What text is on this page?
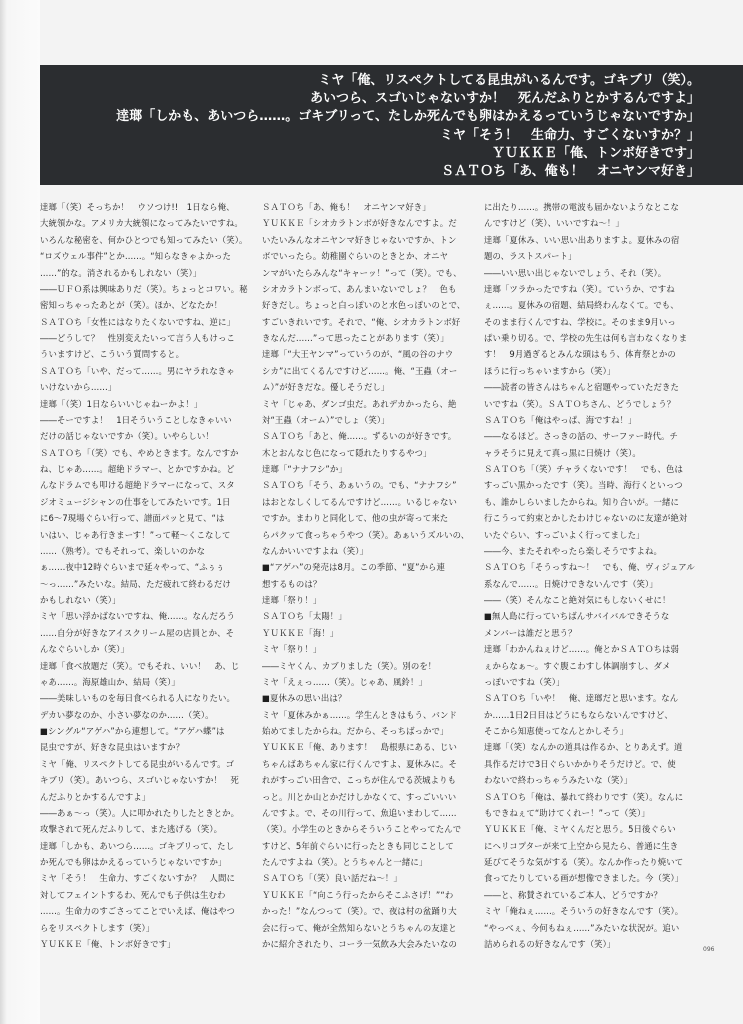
ミヤ「俺、リスペクトしてる昆虫がいるんです。ゴキブリ（笑）。
あいつら、スゴいじゃないすか！　死んだふりとかするんですよ」
逹瑯「しかも、あいつら……。ゴキブリって、たしか死んでも卵はかえるっていうじゃないですか」
ミヤ「そう！　生命力、すごくないすか？」
ＹＵＫＫＥ「俺、トンボ好きです」
ＳＡＴＯち「あ、俺も！　オニヤンマ好き」
逹瑯「（笑）そっちか！　ウソつけ!!　1日なら俺、
大統領かな。アメリカ大統領になってみたいですね。
いろんな秘密を、何かひとつでも知ってみたい（笑）。
“ロズウェル事件”とか……。“知らなきゃよかった
……”的な。消されるかもしれない（笑）」
――ＵＦＯ系は興味ありだ（笑）。ちょっとコワい。秘
密知っちゃったあとが（笑）。ほか、どなたか！
ＳＡＴＯち「女性にはなりたくないですね、逆に」
――どうして？　性別変えたいって言う人もけっこ
ういますけど、こういう質問すると。
ＳＡＴＯち「いや、だって……。男にヤラれなきゃ
いけないから……」
逹瑯「（笑）1日ならいいじゃねーかよ！」
――そーですよ！　1日そういうことしなきゃいい
だけの話じゃないですか（笑）。いやらしい！
ＳＡＴＯち「（笑）でも、やめときます。なんですか
ね、じゃあ……。超絶ドラマー、とかですかね。ど
んなドラムでも叩ける超絶ドラマーになって、スタ
ジオミュージシャンの仕事をしてみたいです。1日
に6～7現場ぐらい行って、譜面パッと見て、“は
いはい、じゃあ行きまーす！”って軽～くこなして
……（熟考）。でもそれって、楽しいのかな
ぁ……夜中12時ぐらいまで延々やって、“ふぅぅ
～っ……”みたいな。結局、ただ疲れて終わるだけ
かもしれない（笑）」
ミヤ「思い浮かばないですね、俺……。なんだろう
……自分が好きなアイスクリーム屋の店員とか、そ
んなぐらいしか（笑）」
逹瑯「食べ放題だ（笑）。でもそれ、いい！　あ、じ
ゃあ……。海原雄山か、結局（笑）」
――美味しいものを毎日食べられる人になりたい。
デカい夢なのか、小さい夢なのか……（笑）。
■シングル“アゲハ”から連想して。“アゲハ蝶”は
昆虫ですが、好きな昆虫はいますか？
ミヤ「俺、リスペクトしてる昆虫がいるんです。ゴ
キブリ（笑）。あいつら、スゴいじゃないすか！　死
んだふりとかするんですよ」
――あぁ～っ（笑）。人に叩かれたりしたときとか。
攻撃されて死んだふりして、また逃げる（笑）。
逹瑯「しかも、あいつら……。ゴキブリって、たし
か死んでも卵はかえるっていうじゃないですか」
ミヤ「そう！　生命力、すごくないすか？　人間に
対してフェイントするわ、死んでも子供は生むわ
……。生命力のすごさってことでいえば、俺はやつ
らをリスペクトします（笑）」
ＹＵＫＫＥ「俺、トンボ好きです」
ＳＡＴＯち「あ、俺も！　オニヤンマ好き」
ＹＵＫＫＥ「シオカラトンボが好きなんですよ。だ
いたいみんなオニヤンマ好きじゃないですか、トン
ボでいったら。幼稚園ぐらいのときとか、オニヤ
ンマがいたらみんな“キャーッ！”って（笑）。でも、
シオカラトンボって、あんまいないでしょ？　色も
好きだし。ちょっと白っぽいのと水色っぽいのとで、
すごいきれいです。それで、“俺、シオカラトンボ好
きなんだ……”って思ったことがあります（笑）」
逹瑯「“大王ヤンマ”っていうのが、“風の谷のナウ
シカ”に出てくるんですけど……。俺、“王蟲（オー
ム）”が好きだな。優しそうだし」
ミヤ「じゃあ、ダンゴ虫だ。あれデカかったら、絶
対“王蟲（オーム）”でしょ（笑）」
ＳＡＴＯち「あと、俺……。ずるいのが好きです。
木とおんなじ色になって隠れたりするやつ」
逹瑯「“ナナフシ”か」
ＳＡＴＯち「そう、あぁいうの。でも、“ナナフシ”
はおとなしくしてるんですけど……。いるじゃない
ですか。まわりと同化して、他の虫が寄って来た
らパクッて食っちゃうやつ（笑）。あぁいうズルいの、
なんかいいですよね（笑）」
■“アゲハ”の発売は8月。この季節、“夏”から連
想するものは？
逹瑯「祭り！」
ＳＡＴＯち「太陽！」
ＹＵＫＫＥ「海！」
ミヤ「祭り！」
――ミヤくん、カブりました（笑）。別のを！
ミヤ「えぇっ……（笑）。じゃあ、風鈴！」
■夏休みの思い出は？
ミヤ「夏休みかぁ……。学生んときはもう、バンド
始めてましたからね。だから、そっちばっかで」
ＹＵＫＫＥ「俺、あります！　島根県にある、じい
ちゃんばあちゃん家に行くんですよ、夏休みに。そ
れがすっごい田舎で、こっちが住んでる茨城よりも
っと。川とか山とかだけしかなくて、すっごいいい
んですよ。で、その川行って、魚追いまわして……
（笑）。小学生のときからそういうことやってたんで
すけど、5年前ぐらいに行ったときも同じことして
たんですよね（笑）。とうちゃんと一緒に」
ＳＡＴＯち「（笑）良い話だね～！」
ＹＵＫＫＥ「“向こう行ったからそこふさげ！”“わ
かった！”なんつって（笑）。で、夜は村の盆踊り大
会に行って、俺が全然知らないとうちゃんの友達と
かに紹介されたり、コーラ一気飲み大会みたいなの
に出たり……。携帯の電波も届かないようなとこな
んですけど（笑）、いいですね～！」
逹瑯「夏休み、いい思い出ありますよ。夏休みの宿
題の、ラストスパート」
――いい思い出じゃないでしょう、それ（笑）。
逹瑯「ツラかったですね（笑）。ていうか、ですね
ぇ……。夏休みの宿題、結局終わんなくて。でも、
そのまま行くんですね、学校に。そのまま9月いっ
ぱい乗り切る。で、学校の先生は何も言わなくなりま
す！　9月過ぎるとみんな頭はもう、体育祭とかの
ほうに行っちゃいますから（笑）」
――読者の皆さんはちゃんと宿題やっていただきた
いですね（笑）。ＳＡＴＯちさん、どうでしょう？
ＳＡＴＯち「俺はやっぱ、海ですね！」
――なるほど。さっきの話の、サーファー時代。チ
ャラそうに見えて真っ黒に日焼け（笑）。
ＳＡＴＯち「（笑）チャラくないです！　でも、色は
すっごい黒かったです（笑）。当時、海行くといっつ
も、誰かしらいましたからね。知り合いが。一緒に
行こうって約束とかしたわけじゃないのに友達が絶対
いたぐらい、すっごいよく行ってました」
――今、またそれやったら楽しそうですよね。
ＳＡＴＯち「そうっすね～！　でも、俺、ヴィジュアル
系なんで……。日焼けできないんです（笑）」
――（笑）そんなこと絶対気にもしないくせに！
■無人島に行っていちばんサバイバルできそうな
メンバーは誰だと思う？
逹瑯「わかんねぇけど……。俺とかＳＡＴＯちは弱
ぇからなぁ～。すぐ腹こわすし体調崩すし、ダメ
っぽいですね（笑）」
ＳＡＴＯち「いや！　俺、逹瑯だと思います。なん
か……1日2日目はどうにもならないんですけど、
そこから知恵使ってなんとかしそう」
逹瑯「（笑）なんかの道具は作るか、とりあえず。道
具作るだけで3日ぐらいかかりそうだけど。で、使
わないで終わっちゃうみたいな（笑）」
ＳＡＴＯち「俺は、暴れて終わりです（笑）。なんに
もできねぇて“助けてくれー！”って（笑）」
ＹＵＫＫＥ「俺、ミヤくんだと思う。5日後ぐらい
にヘリコプターが来て上空から見たら、普通に生き
延びてそうな気がする（笑）。なんか作ったり焼いて
食ってたりしている画が想像できました。今（笑）」
――と、称賛されているご本人、どうですか？
ミヤ「俺ねぇ……。そういうの好きなんです（笑）。
“やっべぇ、今何もねぇ……”みたいな状況が。追い
詰められるの好きなんです（笑）」
096
